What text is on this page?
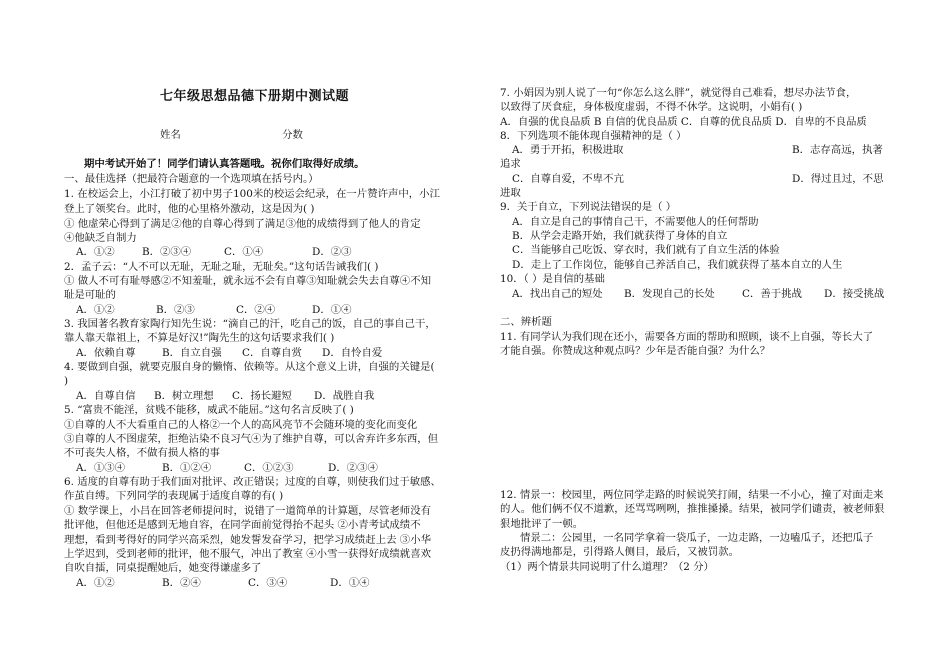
七年级思想品德下册期中测试题
姓名	分数
期中考试开始了！同学们请认真答题哦。祝你们取得好成绩。
一、最佳选择（把最符合题意的一个选项填在括号内。）
1. 在校运会上，小江打破了初中男子100米的校运会纪录，在一片赞许声中，小江
登上了领奖台。此时，他的心里格外激动，这是因为( )
① 他虚荣心得到了满足②他的自尊心得到了满足③他的成绩得到了他人的肯定
④他缺乏自制力
A．①②	B．②③④	C．①④	D．②③
2．孟子云：“人不可以无耻，无耻之耻，无耻矣。”这句话告诫我们( )
① 做人不可有耻辱感②不知羞耻，就永远不会有自尊③知耻就会失去自尊④不知
耻是可耻的
A．①②	B．②③	C．②④	D．①④
3. 我国著名教育家陶行知先生说：“滴自己的汗，吃自己的饭，自己的事自己干，
靠人靠天靠祖上，不算是好汉!”陶先生的这句话要求我们( )
A．依赖自尊	B．自立自强 C．自尊自赏 D．自怜自爱
4. 要做到自强，就要克服自身的懒惰、依赖等。从这个意义上讲，自强的关键是(
)
A．自尊自信 B．树立理想 C．扬长避短 D．战胜自我
5. “富贵不能淫，贫贱不能移，威武不能屈。”这句名言反映了( )
①自尊的人不大看重自己的人格②一个人的高风亮节不会随环境的变化而变化
③自尊的人不图虚荣，拒绝沾染不良习气④为了维护自尊，可以舍弃许多东西，但
不可丧失人格，不做有损人格的事
A．①③④	B．①②④	C．①②③	D．②③④
6. 适度的自尊有助于我们面对批评、改正错误；过度的自尊，则使我们过于敏感、
作茧自缚。下列同学的表现属于适度自尊的有( )
① 数学课上，小吕在回答老师提问时，说错了一道简单的计算题，尽管老师没有
批评他，但他还是感到无地自容，在同学面前觉得抬不起头 ②小青考试成绩不
理想，看到考得好的同学兴高采烈，她发誓发奋学习，把学习成绩赶上去 ③小华
上学迟到，受到老师的批评，他不服气，冲出了教室 ④小雪一获得好成绩就喜欢
自吹自擂，同桌提醒她后，她变得谦虚多了
A．①②	B．②④	C．③④	D．①④
7. 小娟因为别人说了一句“你怎么这么胖”，就觉得自己难看，想尽办法节食，
以致得了厌食症，身体极度虚弱，不得不休学。这说明，小娟有( )
A．自强的优良品质 B 自信的优良品质 C．自尊的优良品质 D．自卑的不良品质
8．下列选项不能体现自强精神的是（ ）
A．勇于开拓，积极进取	B．志存高远，执著
追求
C．自尊自爱，不卑不亢	D．得过且过，不思
进取
9．关于自立，下列说法错误的是（ ）
A．自立是自己的事情自己干，不需要他人的任何帮助
B．从学会走路开始，我们就获得了身体的自立
C．当能够自己吃饭、穿衣时，我们就有了自立生活的体验
D．走上了工作岗位，能够自己养活自己，我们就获得了基本自立的人生
10．（ ）是自信的基础
A．找出自己的短处 B．发现自己的长处	C．善于挑战 D．接受挑战
二、辨析题
11. 有同学认为我们现在还小，需要各方面的帮助和照顾，谈不上自强，等长大了
才能自强。你赞成这种观点吗？少年是否能自强？为什么？
12. 情景一：校园里，两位同学走路的时候说笑打闹，结果一不小心，撞了对面走来
的人。他们俩不仅不道歉，还骂骂咧咧，推推搡搡。结果，被同学们谴责，被老师狠
狠地批评了一顿。
情景二：公园里，一名同学拿着一袋瓜子，一边走路，一边嗑瓜子，还把瓜子
皮扔得满地都是，引得路人侧目，最后，又被罚款。
（1）两个情景共同说明了什么道理？（2 分）
